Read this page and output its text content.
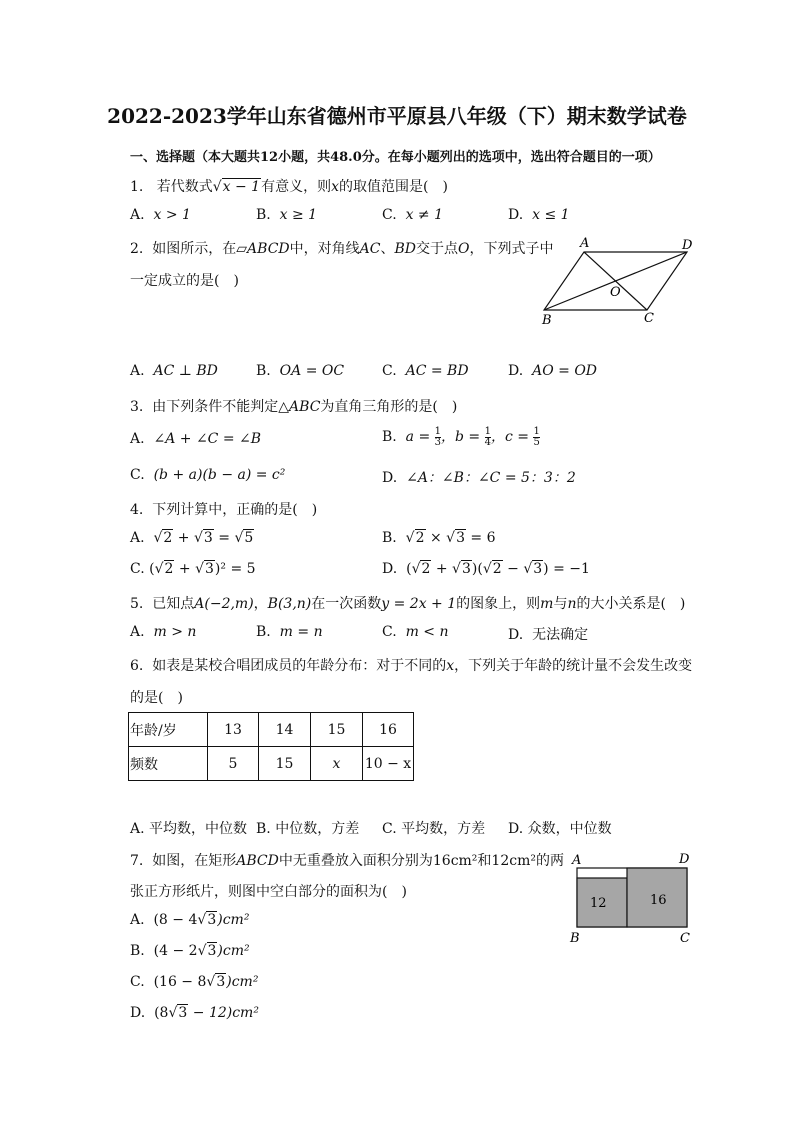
2022-2023学年山东省德州市平原县八年级（下）期末数学试卷
一、选择题（本大题共12小题，共48.0分。在每小题列出的选项中，选出符合题目的一项）
1. 若代数式√x − 1有意义，则x的取值范围是(　)
A. x > 1	B. x ≥ 1	C. x ≠ 1	D. x ≤ 1
2. 如图所示，在▱ABCD中，对角线AC、BD交于点O，下列式子中
一定成立的是(　)
A	D
O
B	C
A. AC ⊥ BD	B. OA = OC	C. AC = BD	D. AO = OD
3. 由下列条件不能判定△ABC为直角三角形的是(　)
A. ∠A + ∠C = ∠B	B. $a = \frac{1}{3}$ ，$b = \frac{1}{4}$ ，$c = \frac{1}{5}$
C. (b + a)(b − a) = c²	D. ∠A：∠B：∠C = 5：3：2
4. 下列计算中，正确的是(　)
A.  √2 + √3 = √5	B.  √2 × √3 = 6
C. (√2 + √3)² = 5	D. (√2 + √3)(√2 − √3) = −1
5. 已知点A(−2,m)，B(3,n)在一次函数y = 2x + 1的图象上，则m与n的大小关系是(　)
A. m > n	B. m = n	C. m < n	D. 无法确定
6. 如表是某校合唱团成员的年龄分布：对于不同的x，下列关于年龄的统计量不会发生改变
的是(　)
年龄/岁	13	14	15	16
频数	5	15	x	10 − x
A. 平均数，中位数 B. 中位数，方差 C. 平均数，方差 D. 众数，中位数
7. 如图，在矩形ABCD中无重叠放入面积分别为16cm²和12cm²的两
张正方形纸片，则图中空白部分的面积为(　)
12	16
A	D
B	C
A. (8 − 4√3)cm²
B. (4 − 2√3)cm²
C. (16 − 8√3)cm²
D. (8√3 − 12)cm²
